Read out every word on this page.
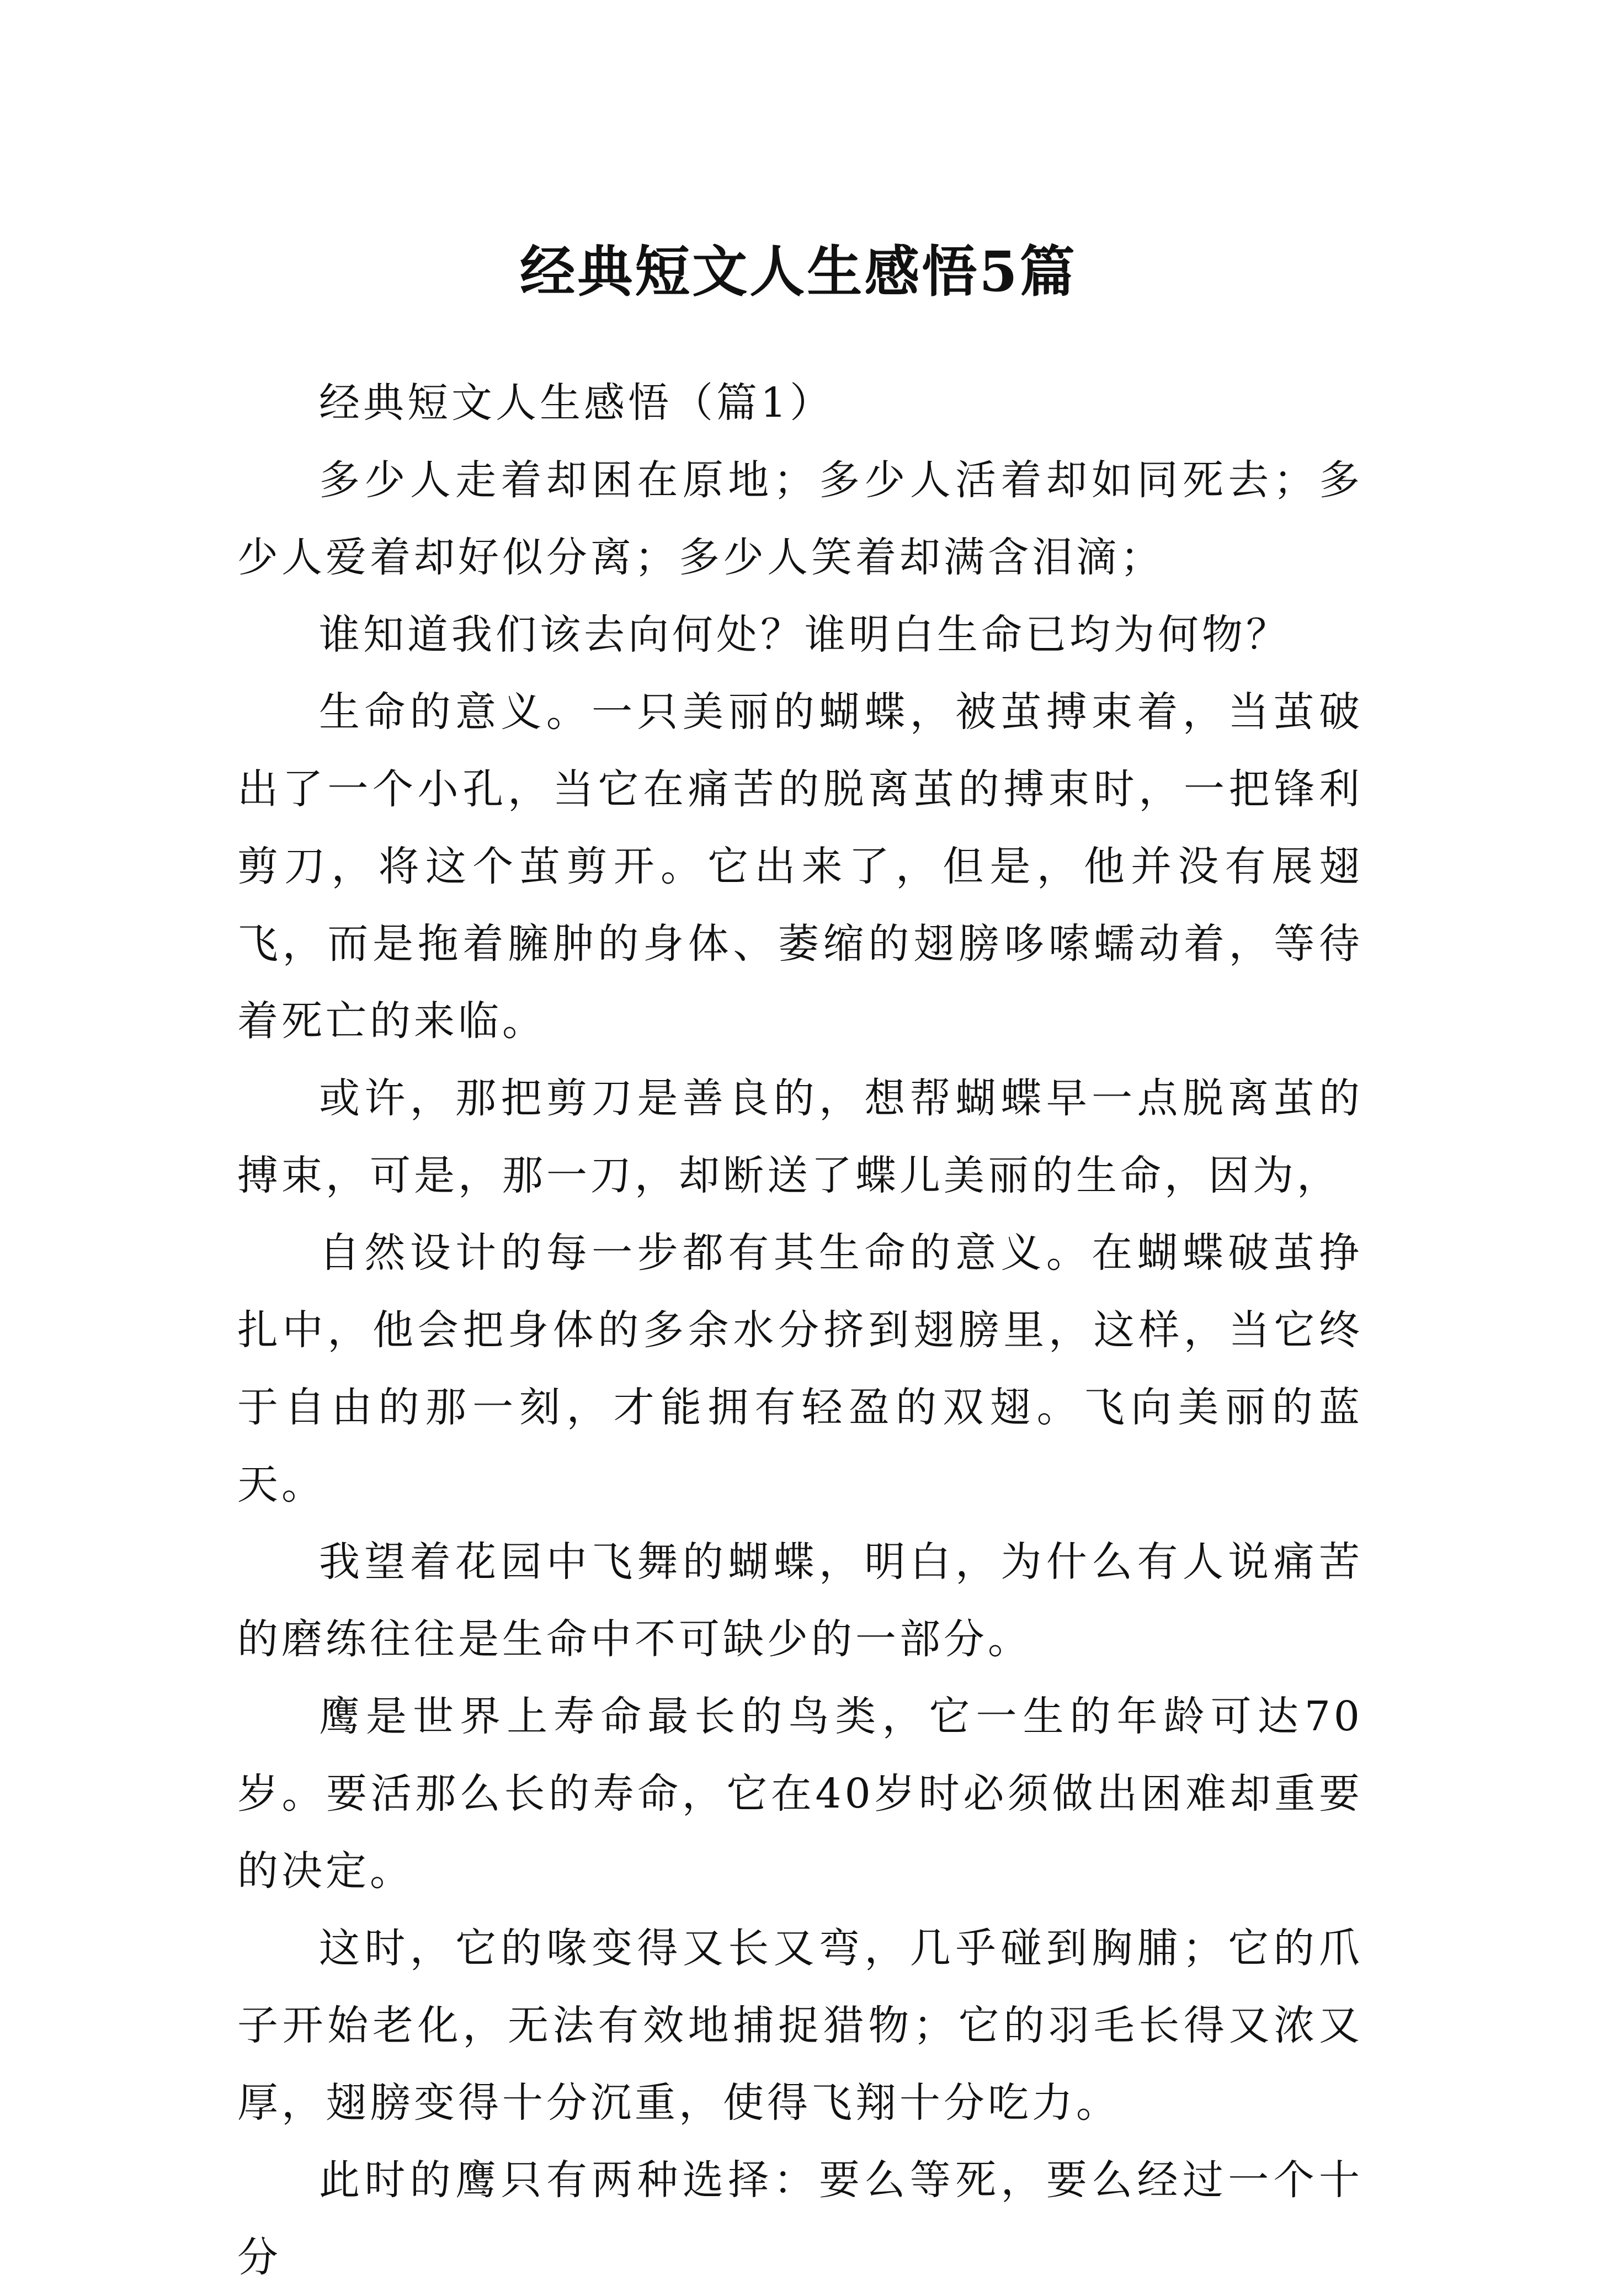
经典短文人生感悟5篇

经典短文人生感悟（篇1）

多少人走着却困在原地；多少人活着却如同死去；多少人爱着却好似分离；多少人笑着却满含泪滴；

谁知道我们该去向何处？谁明白生命已均为何物？

生命的意义。一只美丽的蝴蝶，被茧搏束着，当茧破出了一个小孔，当它在痛苦的脱离茧的搏束时，一把锋利剪刀，将这个茧剪开。它出来了，但是，他并没有展翅飞，而是拖着臃肿的身体、萎缩的翅膀哆嗦蠕动着，等待着死亡的来临。

或许，那把剪刀是善良的，想帮蝴蝶早一点脱离茧的搏束，可是，那一刀，却断送了蝶儿美丽的生命，因为，

自然设计的每一步都有其生命的意义。在蝴蝶破茧挣扎中，他会把身体的多余水分挤到翅膀里，这样，当它终于自由的那一刻，才能拥有轻盈的双翅。飞向美丽的蓝天。

我望着花园中飞舞的蝴蝶，明白，为什么有人说痛苦的磨练往往是生命中不可缺少的一部分。

鹰是世界上寿命最长的鸟类，它一生的年龄可达70岁。要活那么长的寿命，它在40岁时必须做出困难却重要的决定。

这时，它的喙变得又长又弯，几乎碰到胸脯；它的爪子开始老化，无法有效地捕捉猎物；它的羽毛长得又浓又厚，翅膀变得十分沉重，使得飞翔十分吃力。

此时的鹰只有两种选择：要么等死，要么经过一个十分
